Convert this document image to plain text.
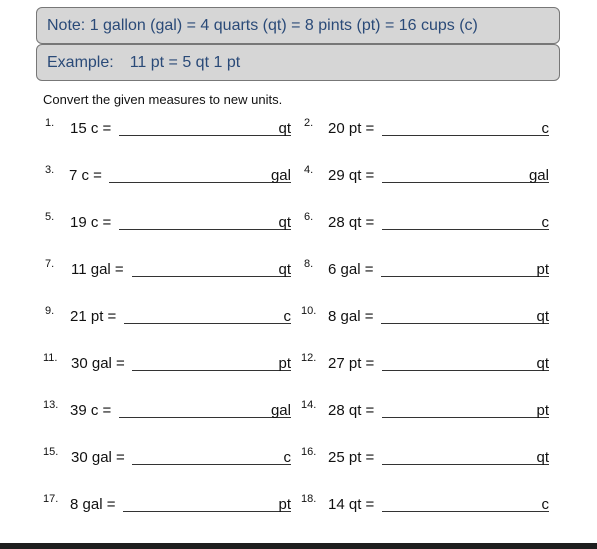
Note: 1 gallon (gal) = 4 quarts (qt) = 8 pints (pt) = 16 cups (c)
Example: 11 pt = 5 qt 1 pt
Convert the given measures to new units.
1. 15 c =	qt
3. 7 c =	gal
5. 19 c =	qt
7. 11 gal =	qt
9. 21 pt =	c
11. 30 gal =	pt
13. 39 c =	gal
15. 30 gal =	c
17. 8 gal =	pt
2. 20 pt =	c
4. 29 qt =	gal
6. 28 qt =	c
8. 6 gal =	pt
10. 8 gal =	qt
12. 27 pt =	qt
14. 28 qt =	pt
16. 25 pt =	qt
18. 14 qt =	c
